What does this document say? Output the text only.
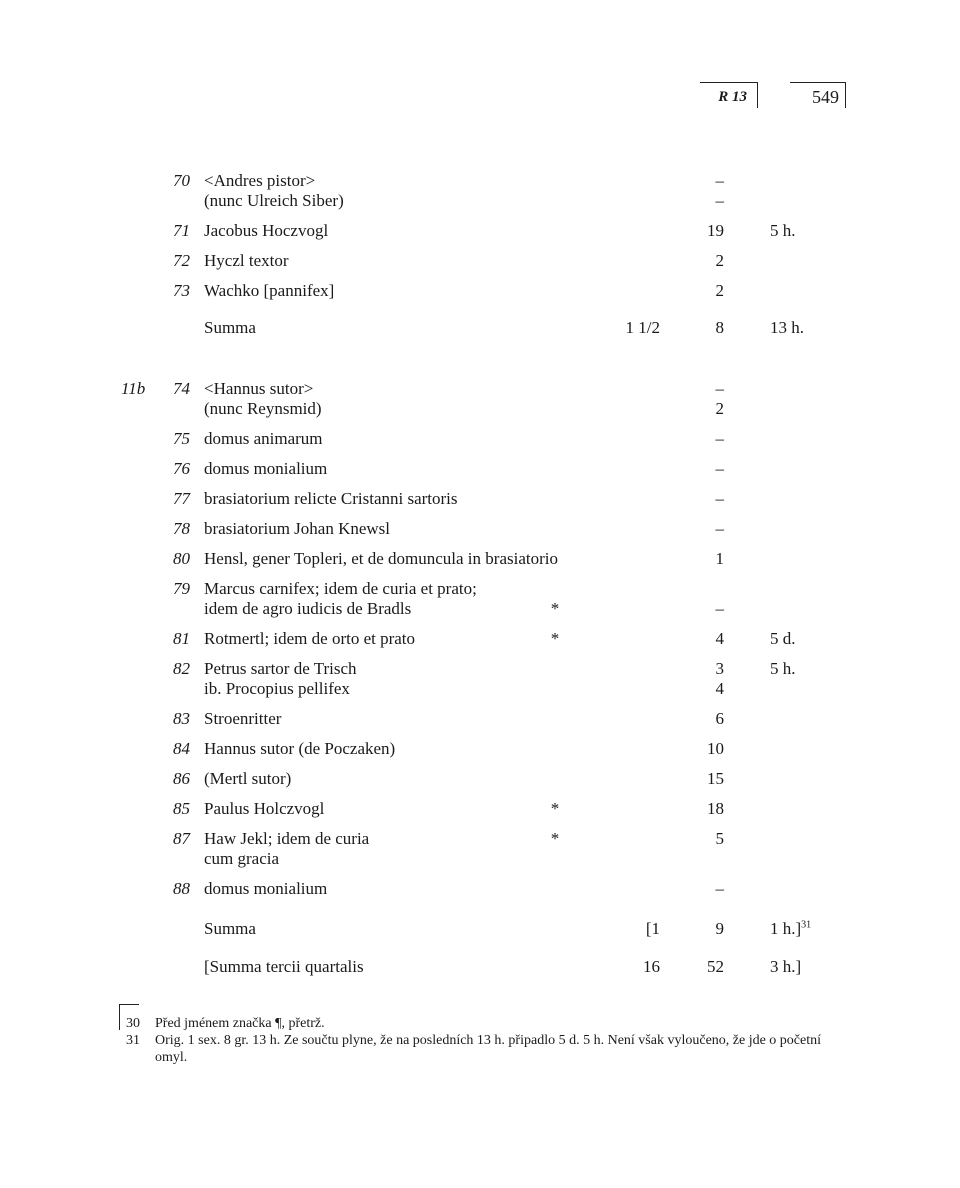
R 13	549
70 <Andres pistor>	–
(nunc Ulreich Siber)	–
71 Jacobus Hoczvogl	19	5 h.
72 Hyczl textor	2
73 Wachko [pannifex]	2
Summa	1 1/2	8	13 h.
11b	74 <Hannus sutor>	–
(nunc Reynsmid)	2
75 domus animarum	–
76 domus monialium	–
77 brasiatorium relicte Cristanni sartoris	–
78 brasiatorium Johan Knewsl	–
80 Hensl, gener Topleri, et de domuncula in brasiatorio	1
79 Marcus carnifex; idem de curia et prato;
idem de agro iudicis de Bradls	*	–
81 Rotmertl; idem de orto et prato	*	4	5 d.
82 Petrus sartor de Trisch	3	5 h.
ib. Procopius pellifex	4
83 Stroenritter	6
84 Hannus sutor (de Poczaken)	10
86 (Mertl sutor)	15
85 Paulus Holczvogl	*	18
87 Haw Jekl; idem de curia	*	5
cum gracia
88 domus monialium	–
Summa	[1	9	1 h.]$^{31}$
[Summa tercii quartalis	16	52	3 h.]
30 Před jménem značka ¶, přetrž.
31 Orig. 1 sex. 8 gr. 13 h. Ze součtu plyne, že na posledních 13 h. připadlo 5 d. 5 h. Není však vyloučeno, že jde o početní omyl.
